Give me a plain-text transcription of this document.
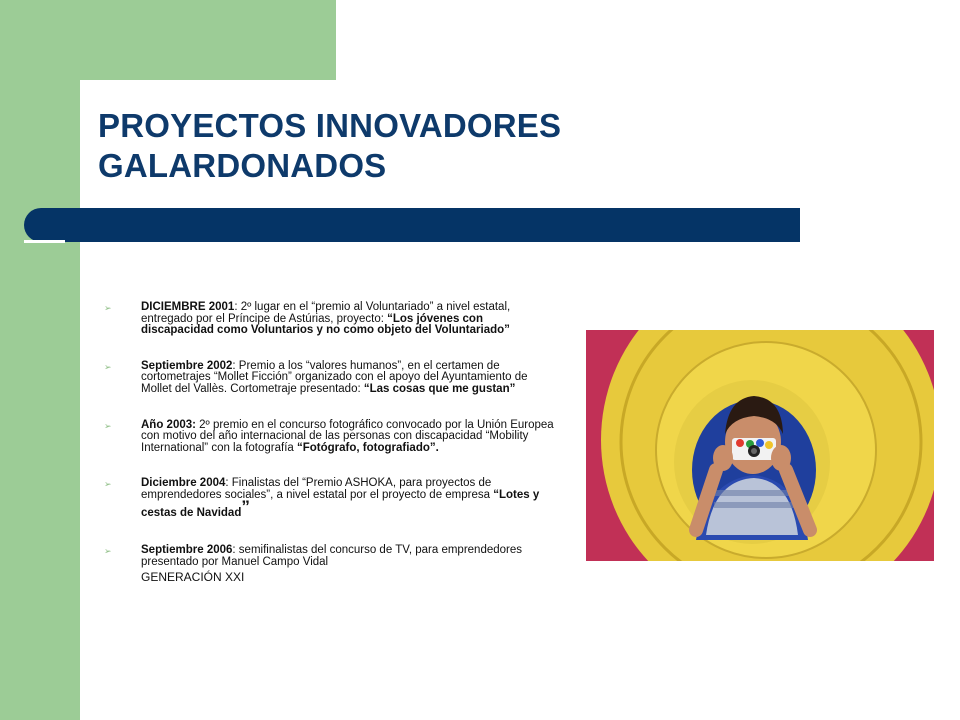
PROYECTOS INNOVADORES
GALARDONADOS
➢	DICIEMBRE 2001: 2º lugar en el “premio al Voluntariado” a nivel estatal, entregado por el Príncipe de Astúrias, proyecto: “Los jóvenes con discapacidad como Voluntarios y no como objeto del Voluntariado”
➢	Septiembre 2002: Premio a los “valores humanos”, en el certamen de cortometrajes “Mollet Ficción” organizado con el apoyo del Ayuntamiento de Mollet del Vallès. Cortometraje presentado: “Las cosas que me gustan”
➢	Año 2003: 2º premio en el concurso fotográfico convocado por la Unión Europea con motivo del año internacional de las personas con discapacidad “Mobility International” con la fotografía “Fotógrafo, fotografiado”.
➢	Diciembre 2004: Finalistas del “Premio ASHOKA, para proyectos de emprendedores sociales”, a nivel estatal por el proyecto de empresa “Lotes y cestas de Navidad”
➢	Septiembre 2006: semifinalistas del concurso de TV, para emprendedores presentado por Manuel Campo Vidal
GENERACIÓN XXI
